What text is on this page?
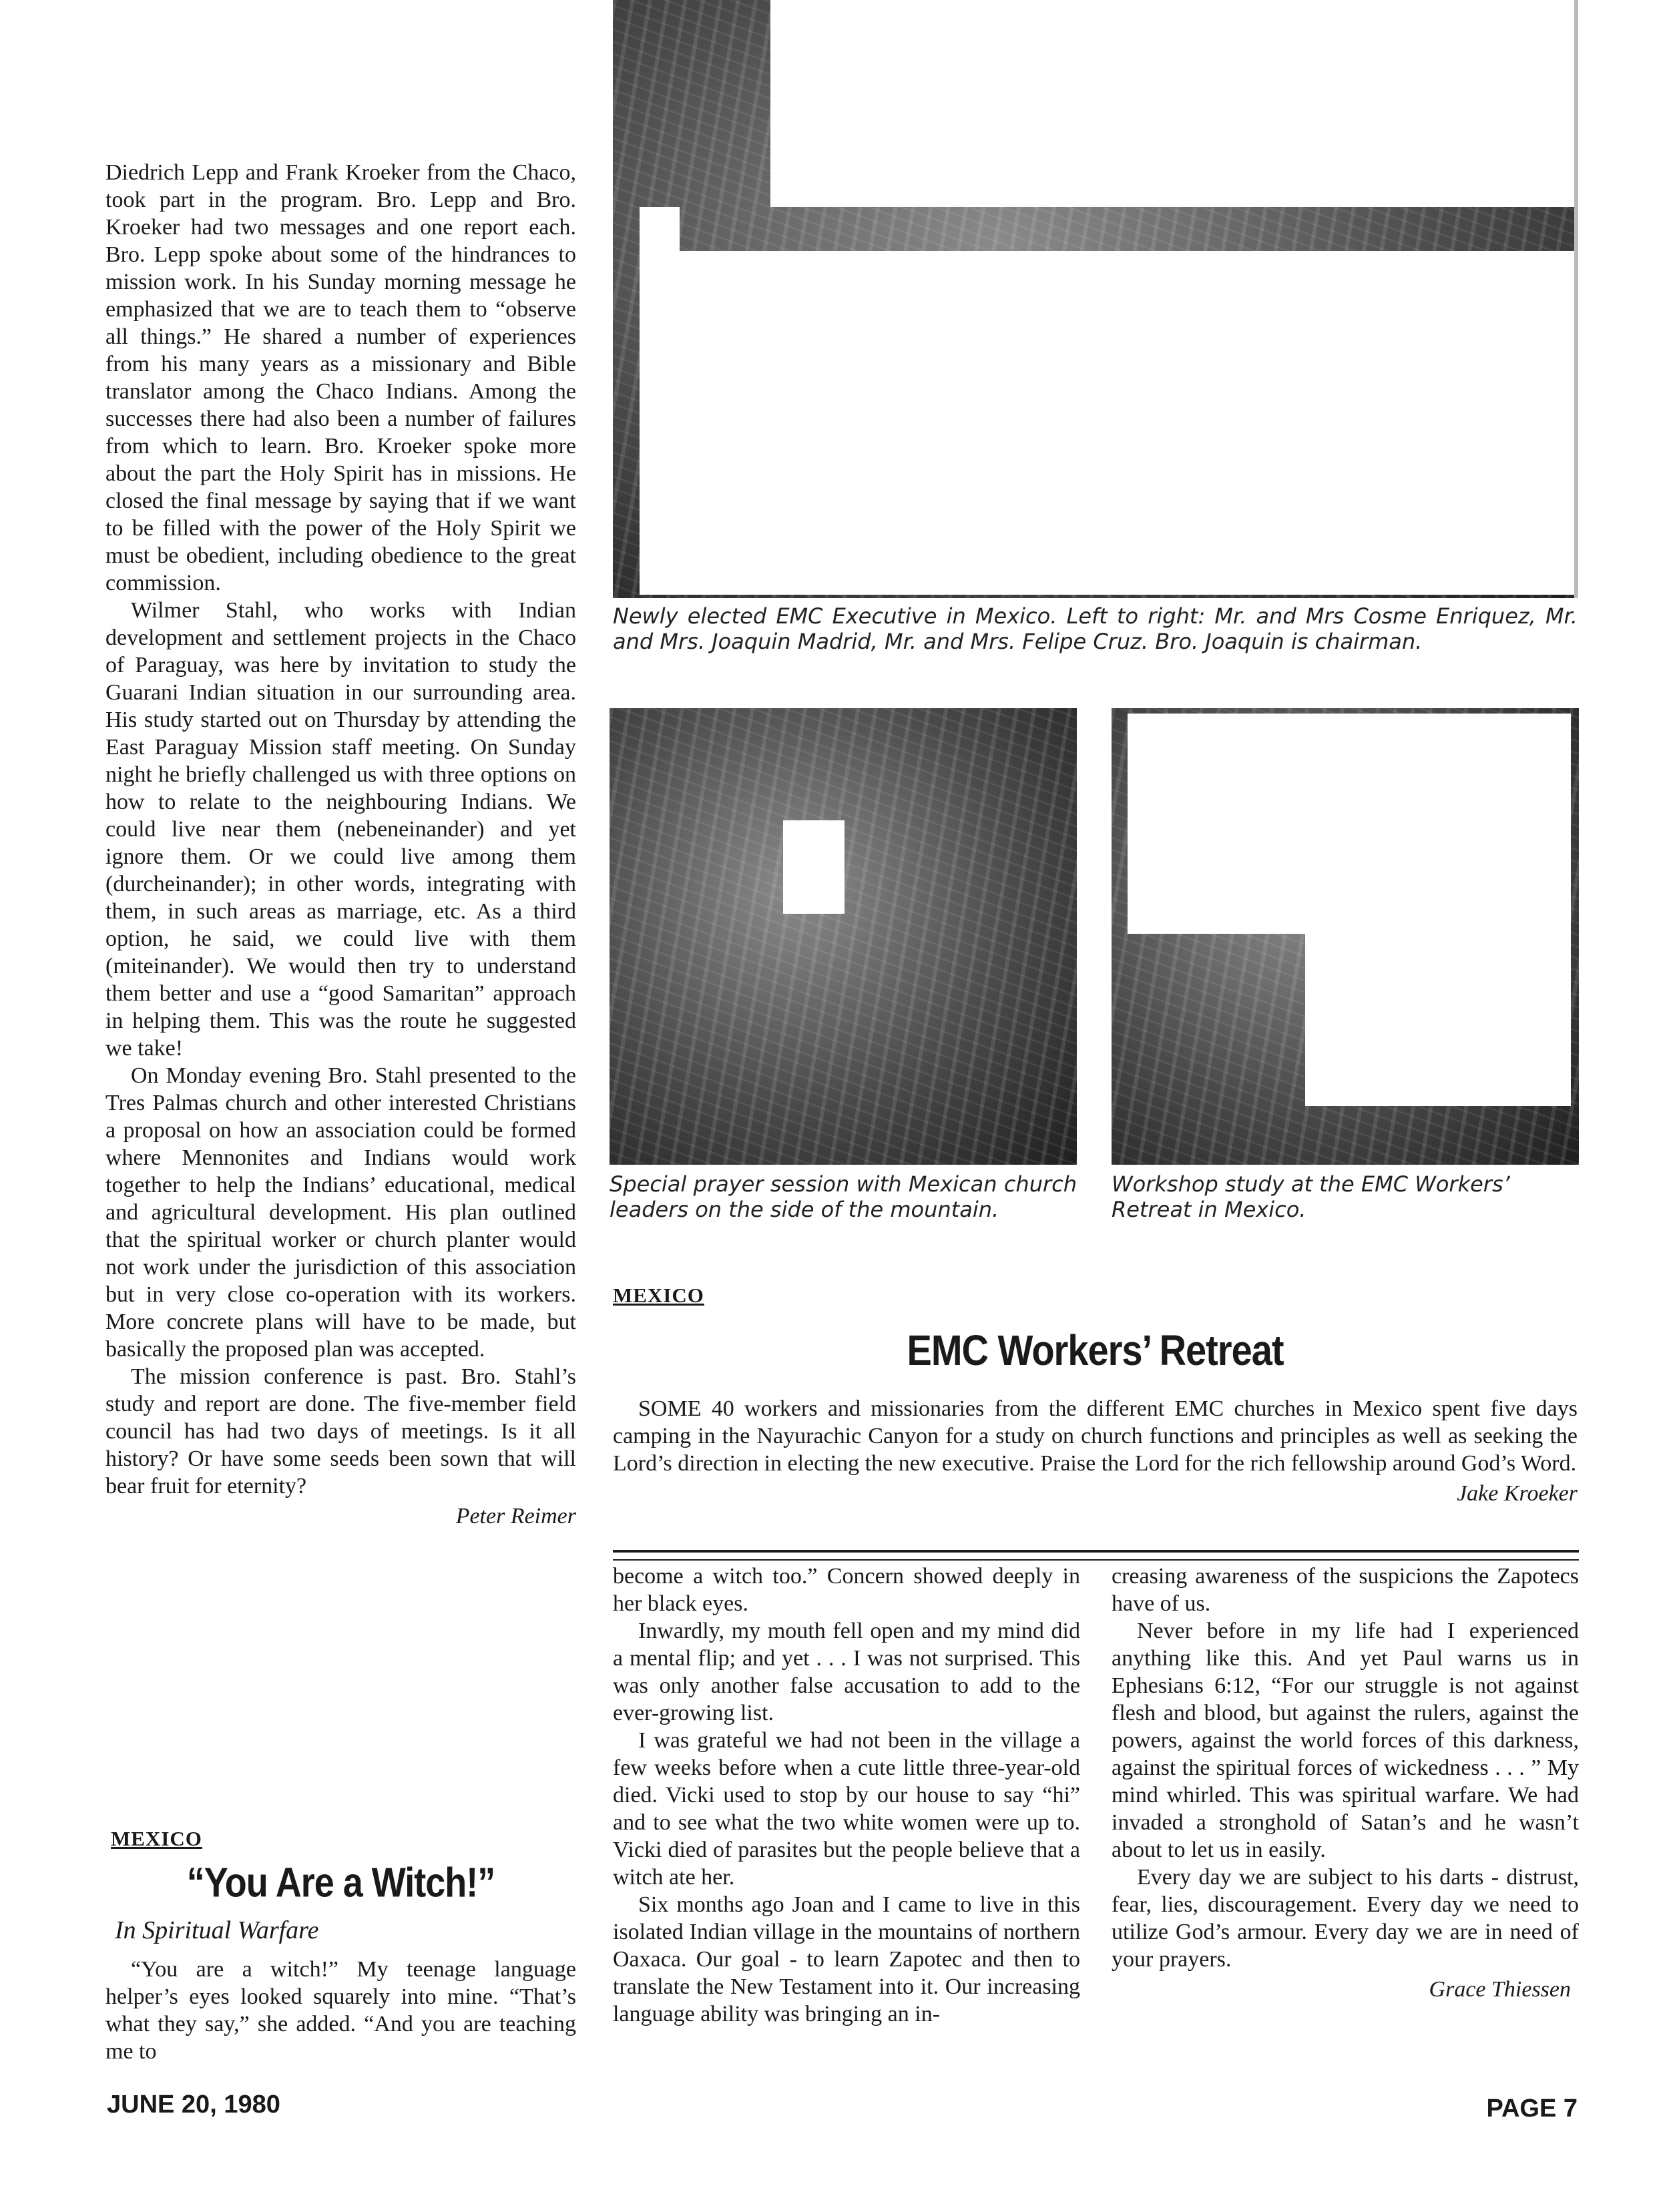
Diedrich Lepp and Frank Kroeker from the Chaco, took part in the program. Bro. Lepp and Bro. Kroeker had two messages and one report each. Bro. Lepp spoke about some of the hindrances to mission work. In his Sunday morning message he emphasized that we are to teach them to “observe all things.” He shared a number of experiences from his many years as a missionary and Bible translator among the Chaco Indians. Among the successes there had also been a number of failures from which to learn. Bro. Kroeker spoke more about the part the Holy Spirit has in missions. He closed the final message by saying that if we want to be filled with the power of the Holy Spirit we must be obedient, including obedience to the great commission.

Wilmer Stahl, who works with Indian development and settlement projects in the Chaco of Paraguay, was here by invitation to study the Guarani Indian situation in our surrounding area. His study started out on Thursday by attending the East Paraguay Mission staff meeting. On Sunday night he briefly challenged us with three options on how to relate to the neighbouring Indians. We could live near them (nebeneinander) and yet ignore them. Or we could live among them (durcheinander); in other words, integrating with them, in such areas as marriage, etc. As a third option, he said, we could live with them (miteinander). We would then try to understand them better and use a “good Samaritan” approach in helping them. This was the route he suggested we take!

On Monday evening Bro. Stahl presented to the Tres Palmas church and other interested Christians a proposal on how an association could be formed where Mennonites and Indians would work together to help the Indians’ educational, medical and agricultural development. His plan outlined that the spiritual worker or church planter would not work under the jurisdiction of this association but in very close co-operation with its workers. More concrete plans will have to be made, but basically the proposed plan was accepted.

The mission conference is past. Bro. Stahl’s study and report are done. The five-member field council has had two days of meetings. Is it all history? Or have some seeds been sown that will bear fruit for eternity?

Peter Reimer
MEXICO
“You Are a Witch!”
In Spiritual Warfare

“You are a witch!” My teenage language helper’s eyes looked squarely into mine. “That’s what they say,” she added. “And you are teaching me to

Newly elected EMC Executive in Mexico. Left to right: Mr. and Mrs Cosme Enriquez, Mr. and Mrs. Joaquin Madrid, Mr. and Mrs. Felipe Cruz. Bro. Joaquin is chairman.
Special prayer session with Mexican church leaders on the side of the mountain.
Workshop study at the EMC Workers’ Retreat in Mexico.
MEXICO
EMC Workers’ Retreat

SOME 40 workers and missionaries from the different EMC churches in Mexico spent five days camping in the Nayurachic Canyon for a study on church functions and principles as well as seeking the Lord’s direction in electing the new executive. Praise the Lord for the rich fellowship around God’s Word.

Jake Kroeker

become a witch too.” Concern showed deeply in her black eyes.

Inwardly, my mouth fell open and my mind did a mental flip; and yet . . . I was not surprised. This was only another false accusation to add to the ever-growing list.

I was grateful we had not been in the village a few weeks before when a cute little three-year-old died. Vicki used to stop by our house to say “hi” and to see what the two white women were up to. Vicki died of parasites but the people believe that a witch ate her.

Six months ago Joan and I came to live in this isolated Indian village in the mountains of northern Oaxaca. Our goal - to learn Zapotec and then to translate the New Testament into it. Our increasing language ability was bringing an in-

creasing awareness of the suspicions the Zapotecs have of us.

Never before in my life had I experienced anything like this. And yet Paul warns us in Ephesians 6:12, “For our struggle is not against flesh and blood, but against the rulers, against the powers, against the world forces of this darkness, against the spiritual forces of wickedness . . . ” My mind whirled. This was spiritual warfare. We had invaded a stronghold of Satan’s and he wasn’t about to let us in easily.

Every day we are subject to his darts - distrust, fear, lies, discouragement. Every day we need to utilize God’s armour. Every day we are in need of your prayers.

Grace Thiessen
JUNE 20, 1980	PAGE 7
